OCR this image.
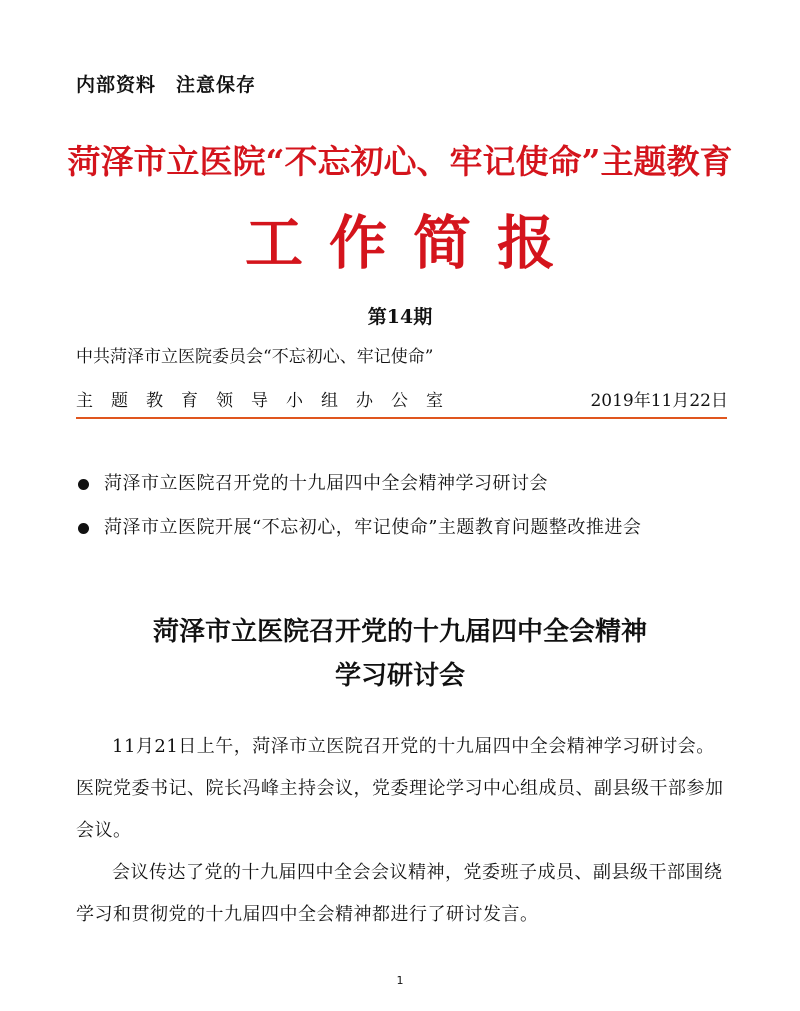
内部资料　注意保存
菏泽市立医院“不忘初心、牢记使命”主题教育
工作简报
第14期
中共菏泽市立医院委员会“不忘初心、牢记使命”
主题教育领导小组办公室	2019年11月22日
菏泽市立医院召开党的十九届四中全会精神学习研讨会
菏泽市立医院开展“不忘初心，牢记使命”主题教育问题整改推进会
菏泽市立医院召开党的十九届四中全会精神
学习研讨会

11月21日上午，菏泽市立医院召开党的十九届四中全会精神学习研讨会。医院党委书记、院长冯峰主持会议，党委理论学习中心组成员、副县级干部参加会议。

会议传达了党的十九届四中全会会议精神，党委班子成员、副县级干部围绕学习和贯彻党的十九届四中全会精神都进行了研讨发言。

1
